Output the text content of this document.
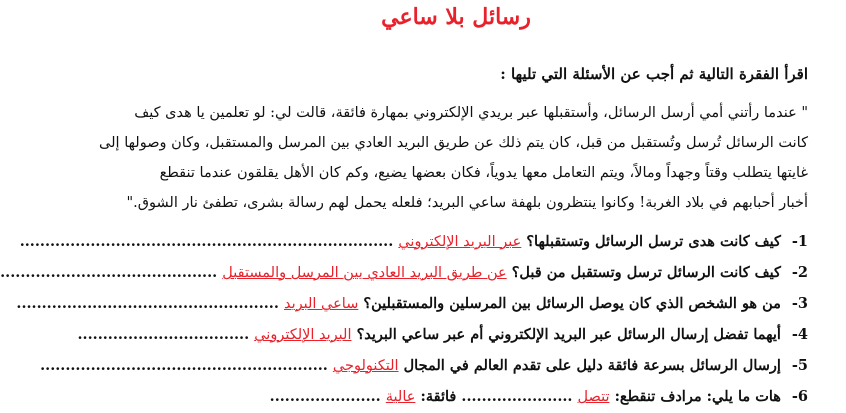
رسائل بلا ساعي
اقرأ الفقرة التالية ثم أجب عن الأسئلة التي تليها :
" عندما رأتني أمي أرسل الرسائل، وأستقبلها عبر بريدي الإلكتروني بمهارة فائقة، قالت لي: لو تعلمين يا هدى كيف
كانت الرسائل تُرسل وتُستقبل من قبل، كان يتم ذلك عن طريق البريد العادي بين المرسل والمستقبل، وكان وصولها إلى
غايتها يتطلب وقتاً وجهداً ومالاً، ويتم التعامل معها يدوياً، فكان بعضها يضيع، وكم كان الأهل يقلقون عندما تنقطع
أخبار أحبابهم في بلاد الغربة! وكانوا ينتظرون بلهفة ساعي البريد؛ فلعله يحمل لهم رسالة بشرى، تطفئ نار الشوق."
1- كيف كانت هدى ترسل الرسائل وتستقبلها؟ عبر البريد الإلكتروني ..........................................................................
2- كيف كانت الرسائل ترسل وتستقبل من قبل؟ عن طريق البريد العادي بين المرسل والمستقبل ...........................................
3- من هو الشخص الذي كان يوصل الرسائل بين المرسلين والمستقبلين؟ ساعي البريد ....................................................
4- أيهما تفضل إرسال الرسائل عبر البريد الإلكتروني أم عبر ساعي البريد؟ البريد الإلكتروني ..................................
5- إرسال الرسائل بسرعة فائقة دليل على تقدم العالم في المجال التكنولوجي .........................................................
6- هات ما يلي: مرادف تنقطع: تتصل ...................... فائقة: عالية ......................
